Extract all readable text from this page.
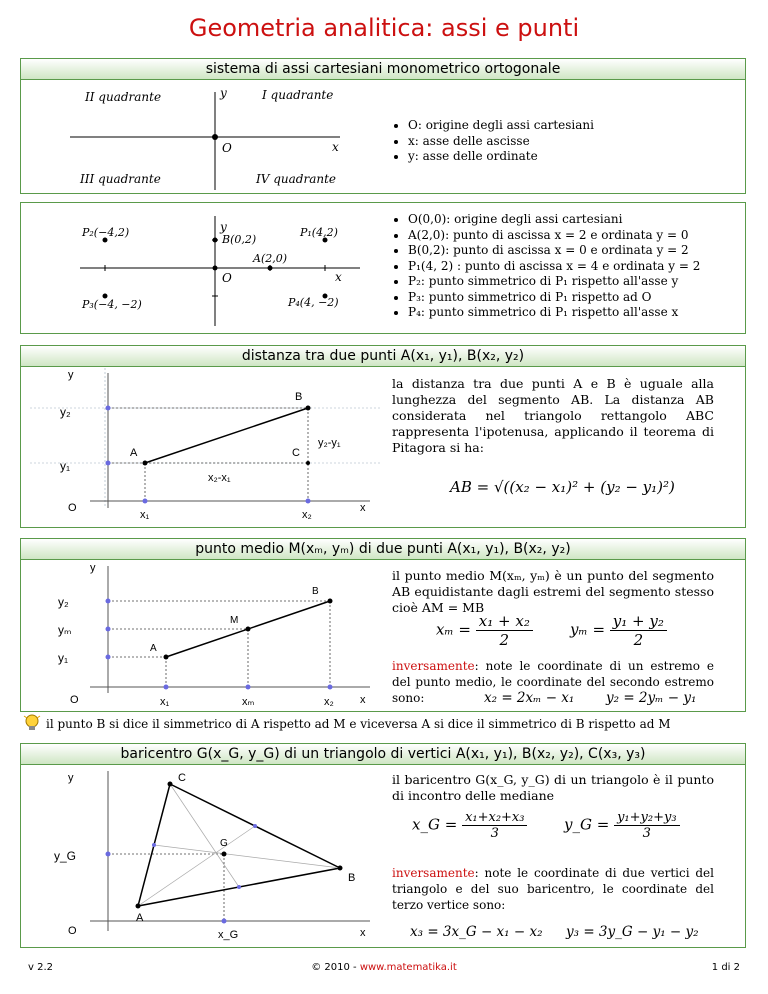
Geometria analitica: assi e punti
sistema di assi cartesiani monometrico ortogonale
II quadrante	I quadrante
y
x
O
III quadrante	IV quadrante
• O: origine degli assi cartesiani
• x: asse delle ascisse
• y: asse delle ordinate
P₂(−4,2)	y
B(0,2)
P₁(4,2)
A(2,0)
O	x
P₃(−4, −2)	P₄(4, −2)
• O(0,0): origine degli assi cartesiani
• A(2,0): punto di ascissa x = 2 e ordinata y = 0
• B(0,2): punto di ascissa x = 0 e ordinata y = 2
• P₁(4, 2) : punto di ascissa x = 4 e ordinata y = 2
• P₂: punto simmetrico di P₁ rispetto all'asse y
• P₃: punto simmetrico di P₁ rispetto ad O
• P₄: punto simmetrico di P₁ rispetto all'asse x
distanza tra due punti A(x₁, y₁), B(x₂, y₂)
y
y₂
y₁
B
A	C
y₂-y₁
x₂-x₁
O
x₁	x₂
x
la distanza tra due punti A e B è uguale alla lunghezza del segmento AB. La distanza AB considerata nel triangolo rettangolo ABC rappresenta l'ipotenusa, applicando il teorema di Pitagora si ha:
AB = √((x₂ − x₁)² + (y₂ − y₁)²)
punto medio M(xₘ, yₘ) di due punti A(x₁, y₁), B(x₂, y₂)
y
y₂
yₘ
y₁
B
M
A
O	x₁	xₘ	x₂ x
il punto medio M(xₘ, yₘ) è un punto del segmento AB equidistante dagli estremi del segmento stesso cioè AM = MB
$x_m = \frac{\text{x₁ + x₂}}{2}$ $y_m = \frac{\text{y₁ + y₂}}{2}$
inversamente: note le coordinate di un estremo e del punto medio, le coordinate del secondo estremo sono:	x₂ = 2xₘ − x₁ y₂ = 2yₘ − y₁
il punto B si dice il simmetrico di A rispetto ad M e viceversa A si dice il simmetrico di B rispetto ad M
baricentro G(x_G, y_G) di un triangolo di vertici A(x₁, y₁), B(x₂, y₂), C(x₃, y₃)
y	C
G
y_G
B
A
O	x_G	x
il baricentro G(x_G, y_G) di un triangolo è il punto di incontro delle mediane
x_G = $\frac{\text{x₁+x₂+x₃}}{3}$ y_G = $\frac{\text{y₁+y₂+y₃}}{3}$
inversamente: note le coordinate di due vertici del triangolo e del suo baricentro, le coordinate del terzo vertice sono:
x₃ = 3x_G − x₁ − x₂ y₃ = 3y_G − y₁ − y₂
v 2.2	© 2010 - www.matematika.it	1 di 2
